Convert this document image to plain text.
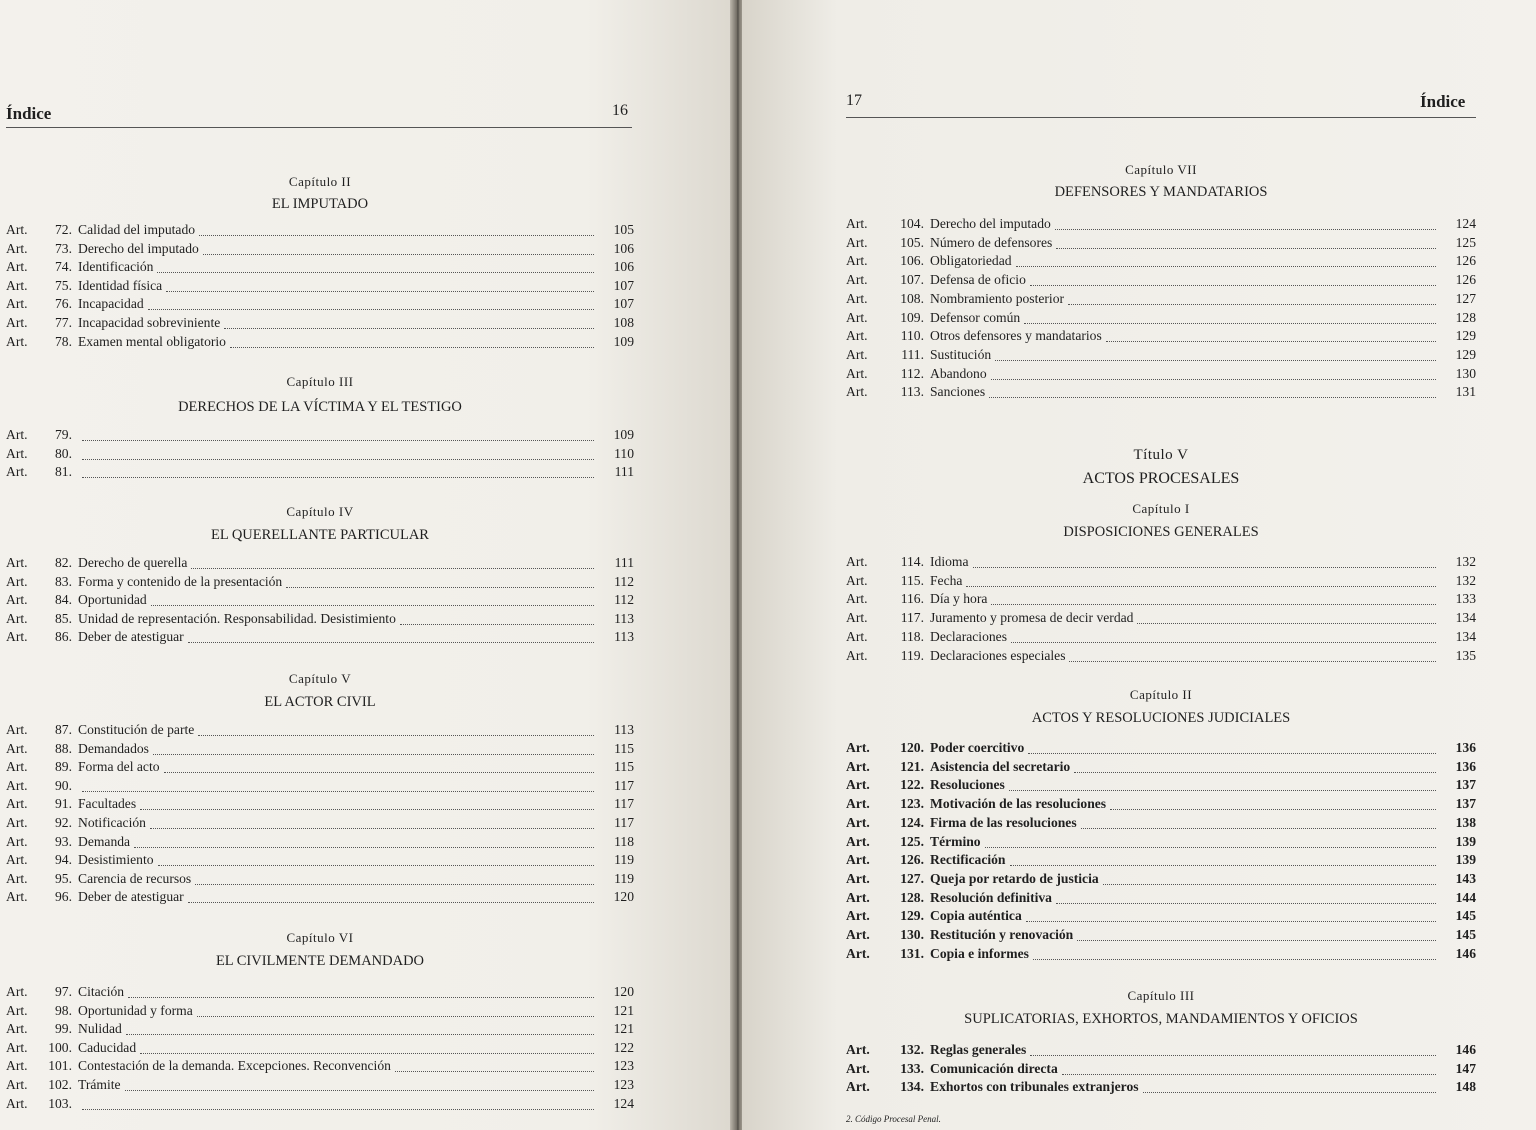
Índice	16
Capítulo II
EL IMPUTADO
Art.	72. Calidad del imputado	105
Art.	73. Derecho del imputado	106
Art.	74. Identificación	106
Art.	75. Identidad física	107
Art.	76. Incapacidad	107
Art.	77. Incapacidad sobreviniente	108
Art.	78. Examen mental obligatorio	109
Capítulo III
DERECHOS DE LA VÍCTIMA Y EL TESTIGO
Art.	79.	109
Art.	80.	110
Art.	81.	111
Capítulo IV
EL QUERELLANTE PARTICULAR
Art.	82. Derecho de querella	111
Art.	83. Forma y contenido de la presentación	112
Art.	84. Oportunidad	112
Art.	85. Unidad de representación. Responsabilidad. Desistimiento	113
Art.	86. Deber de atestiguar	113
Capítulo V
EL ACTOR CIVIL
Art.	87. Constitución de parte	113
Art.	88. Demandados	115
Art.	89. Forma del acto	115
Art.	90.	117
Art.	91. Facultades	117
Art.	92. Notificación	117
Art.	93. Demanda	118
Art.	94. Desistimiento	119
Art.	95. Carencia de recursos	119
Art.	96. Deber de atestiguar	120
Capítulo VI
EL CIVILMENTE DEMANDADO
Art.	97. Citación	120
Art.	98. Oportunidad y forma	121
Art.	99. Nulidad	121
Art.	100. Caducidad	122
Art.	101. Contestación de la demanda. Excepciones. Reconvención	123
Art.	102. Trámite	123
Art.	103.	124
17	Índice
Capítulo VII
DEFENSORES Y MANDATARIOS
Art.	104. Derecho del imputado	124
Art.	105. Número de defensores	125
Art.	106. Obligatoriedad	126
Art.	107. Defensa de oficio	126
Art.	108. Nombramiento posterior	127
Art.	109. Defensor común	128
Art.	110. Otros defensores y mandatarios	129
Art.	111. Sustitución	129
Art.	112. Abandono	130
Art.	113. Sanciones	131
Título V
ACTOS PROCESALES
Capítulo I
DISPOSICIONES GENERALES
Art.	114. Idioma	132
Art.	115. Fecha	132
Art.	116. Día y hora	133
Art.	117. Juramento y promesa de decir verdad	134
Art.	118. Declaraciones	134
Art.	119. Declaraciones especiales	135
Capítulo II
ACTOS Y RESOLUCIONES JUDICIALES
Art.	120. Poder coercitivo	136
Art.	121. Asistencia del secretario	136
Art.	122. Resoluciones	137
Art.	123. Motivación de las resoluciones	137
Art.	124. Firma de las resoluciones	138
Art.	125. Término	139
Art.	126. Rectificación	139
Art.	127. Queja por retardo de justicia	143
Art.	128. Resolución definitiva	144
Art.	129. Copia auténtica	145
Art.	130. Restitución y renovación	145
Art.	131. Copia e informes	146
Capítulo III
SUPLICATORIAS, EXHORTOS, MANDAMIENTOS Y OFICIOS
Art.	132. Reglas generales	146
Art.	133. Comunicación directa	147
Art.	134. Exhortos con tribunales extranjeros	148
2. Código Procesal Penal.
